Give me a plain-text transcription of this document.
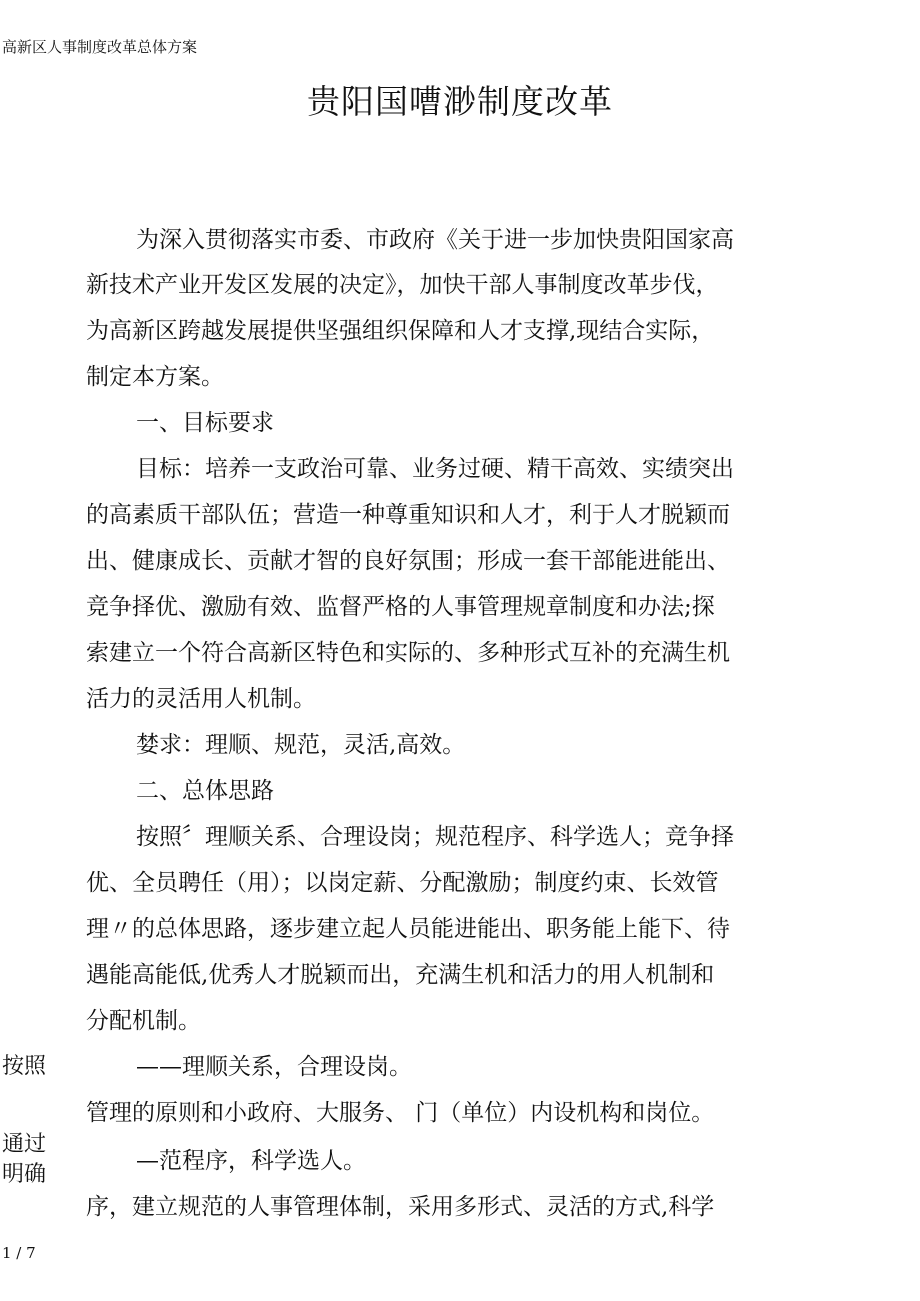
高新区人事制度改革总体方案
贵阳国嘈渺制度改革
为深入贯彻落实市委、市政府《关于进一步加快贵阳国家高
新技术产业开发区发展的决定》，加快干部人事制度改革步伐，
为高新区跨越发展提供坚强组织保障和人才支撑,现结合实际，
制定本方案。
一、目标要求
目标：培养一支政治可靠、业务过硬、精干高效、实绩突出
的高素质干部队伍；营造一种尊重知识和人才，利于人才脱颖而
出、健康成长、贡献才智的良好氛围；形成一套干部能进能出、
竞争择优、激励有效、监督严格的人事管理规章制度和办法;探
索建立一个符合高新区特色和实际的、多种形式互补的充满生机
活力的灵活用人机制。
婪求：理顺、规范，灵活,高效。
二、总体思路
按照〞理顺关系、合理设岗；规范程序、科学选人；竞争择
优、全员聘任（用）；以岗定薪、分配激励；制度约束、长效管
理〃的总体思路，逐步建立起人员能进能出、职务能上能下、待
遇能高能低,优秀人才脱颖而出，充满生机和活力的用人机制和
分配机制。
——理顺关系，合理设岗。
管理的原则和小政府、大服务、 门（单位）内设机构和岗位。
—范程序，科学选人。
序，建立规范的人事管理体制，采用多形式、灵活的方式,科学
按照
通过
明确
1 / 7
